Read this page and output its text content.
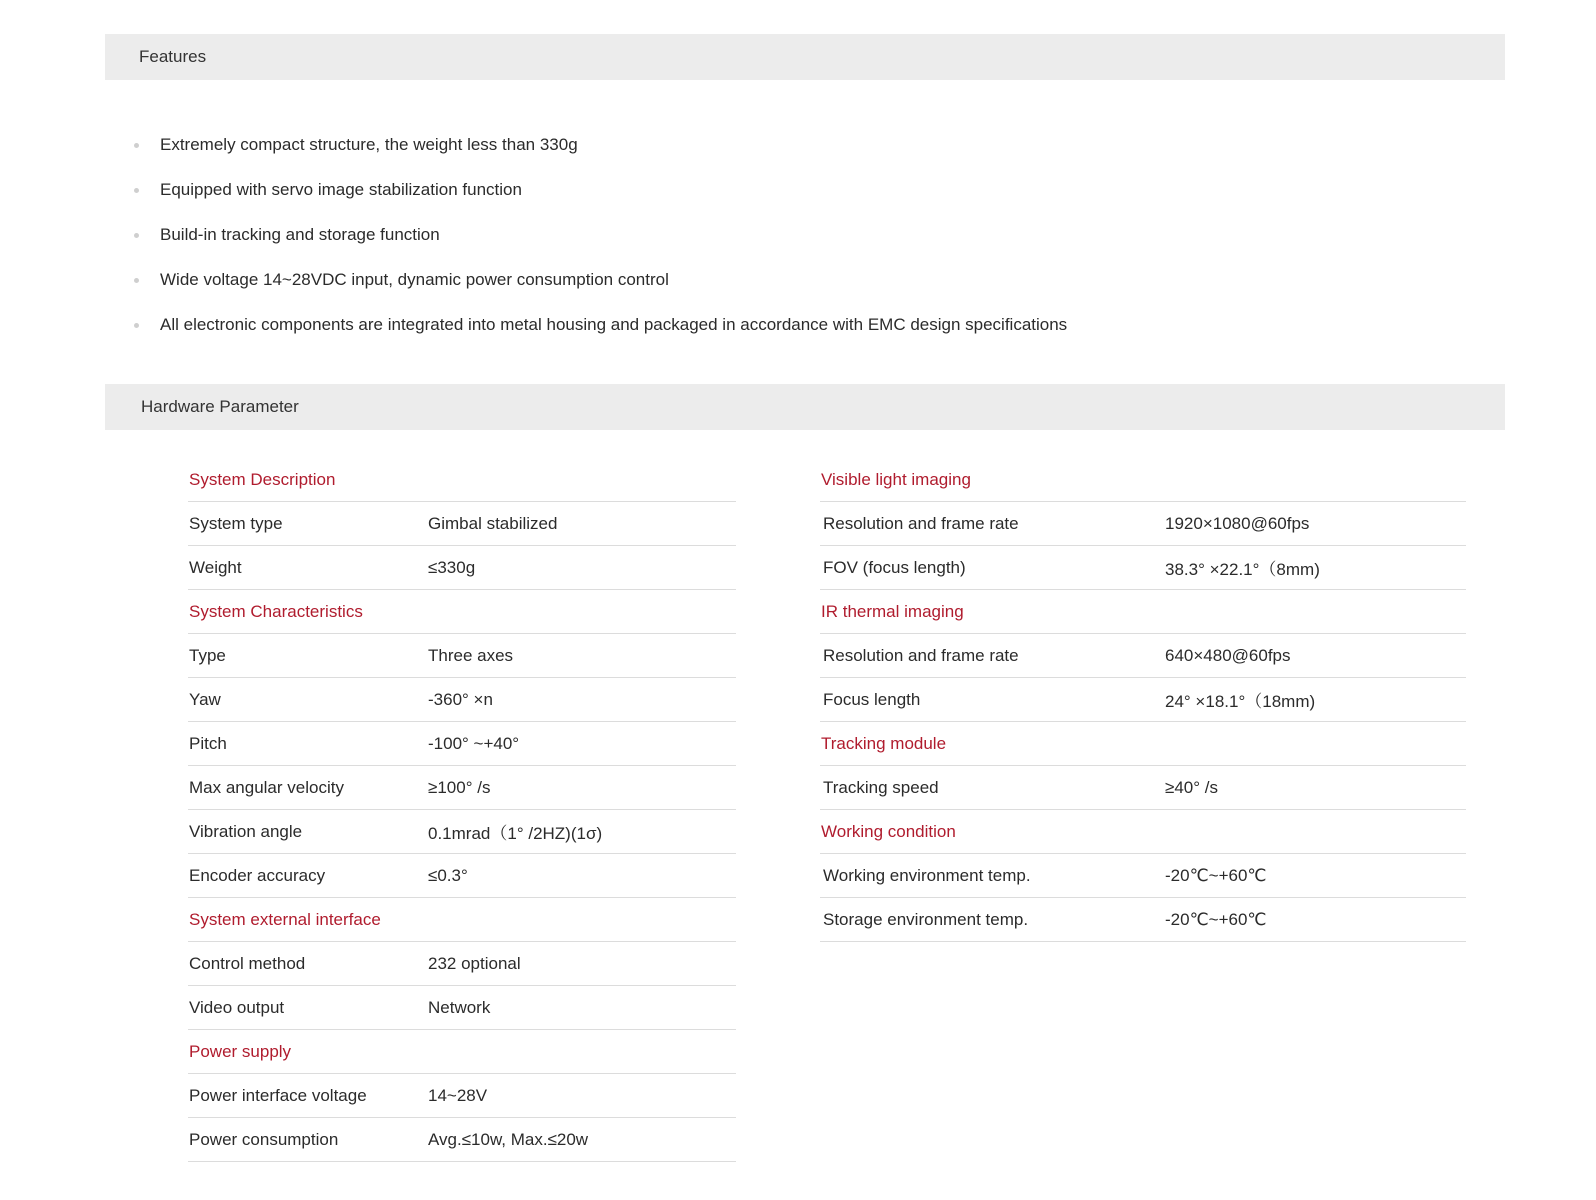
Features
Extremely compact structure, the weight less than 330g
Equipped with servo image stabilization function
Build-in tracking and storage function
Wide voltage 14~28VDC input, dynamic power consumption control
All electronic components are integrated into metal housing and packaged in accordance with EMC design specifications
Hardware Parameter
System Description
System type	Gimbal stabilized
Weight	≤330g
System Characteristics
Type	Three axes
Yaw	-360° ×n
Pitch	-100° ~+40°
Max angular velocity	≥100° /s
Vibration angle	0.1mrad（1° /2HZ)(1σ)
Encoder accuracy	≤0.3°
System external interface
Control method	232 optional
Video output	Network
Power supply
Power interface voltage	14~28V
Power consumption	Avg.≤10w, Max.≤20w
Visible light imaging
Resolution and frame rate	1920×1080@60fps
FOV (focus length)	38.3° ×22.1°（8mm)
IR thermal imaging
Resolution and frame rate	640×480@60fps
Focus length	24° ×18.1°（18mm)
Tracking module
Tracking speed	≥40° /s
Working condition
Working environment temp.	-20℃~+60℃
Storage environment temp.	-20℃~+60℃
